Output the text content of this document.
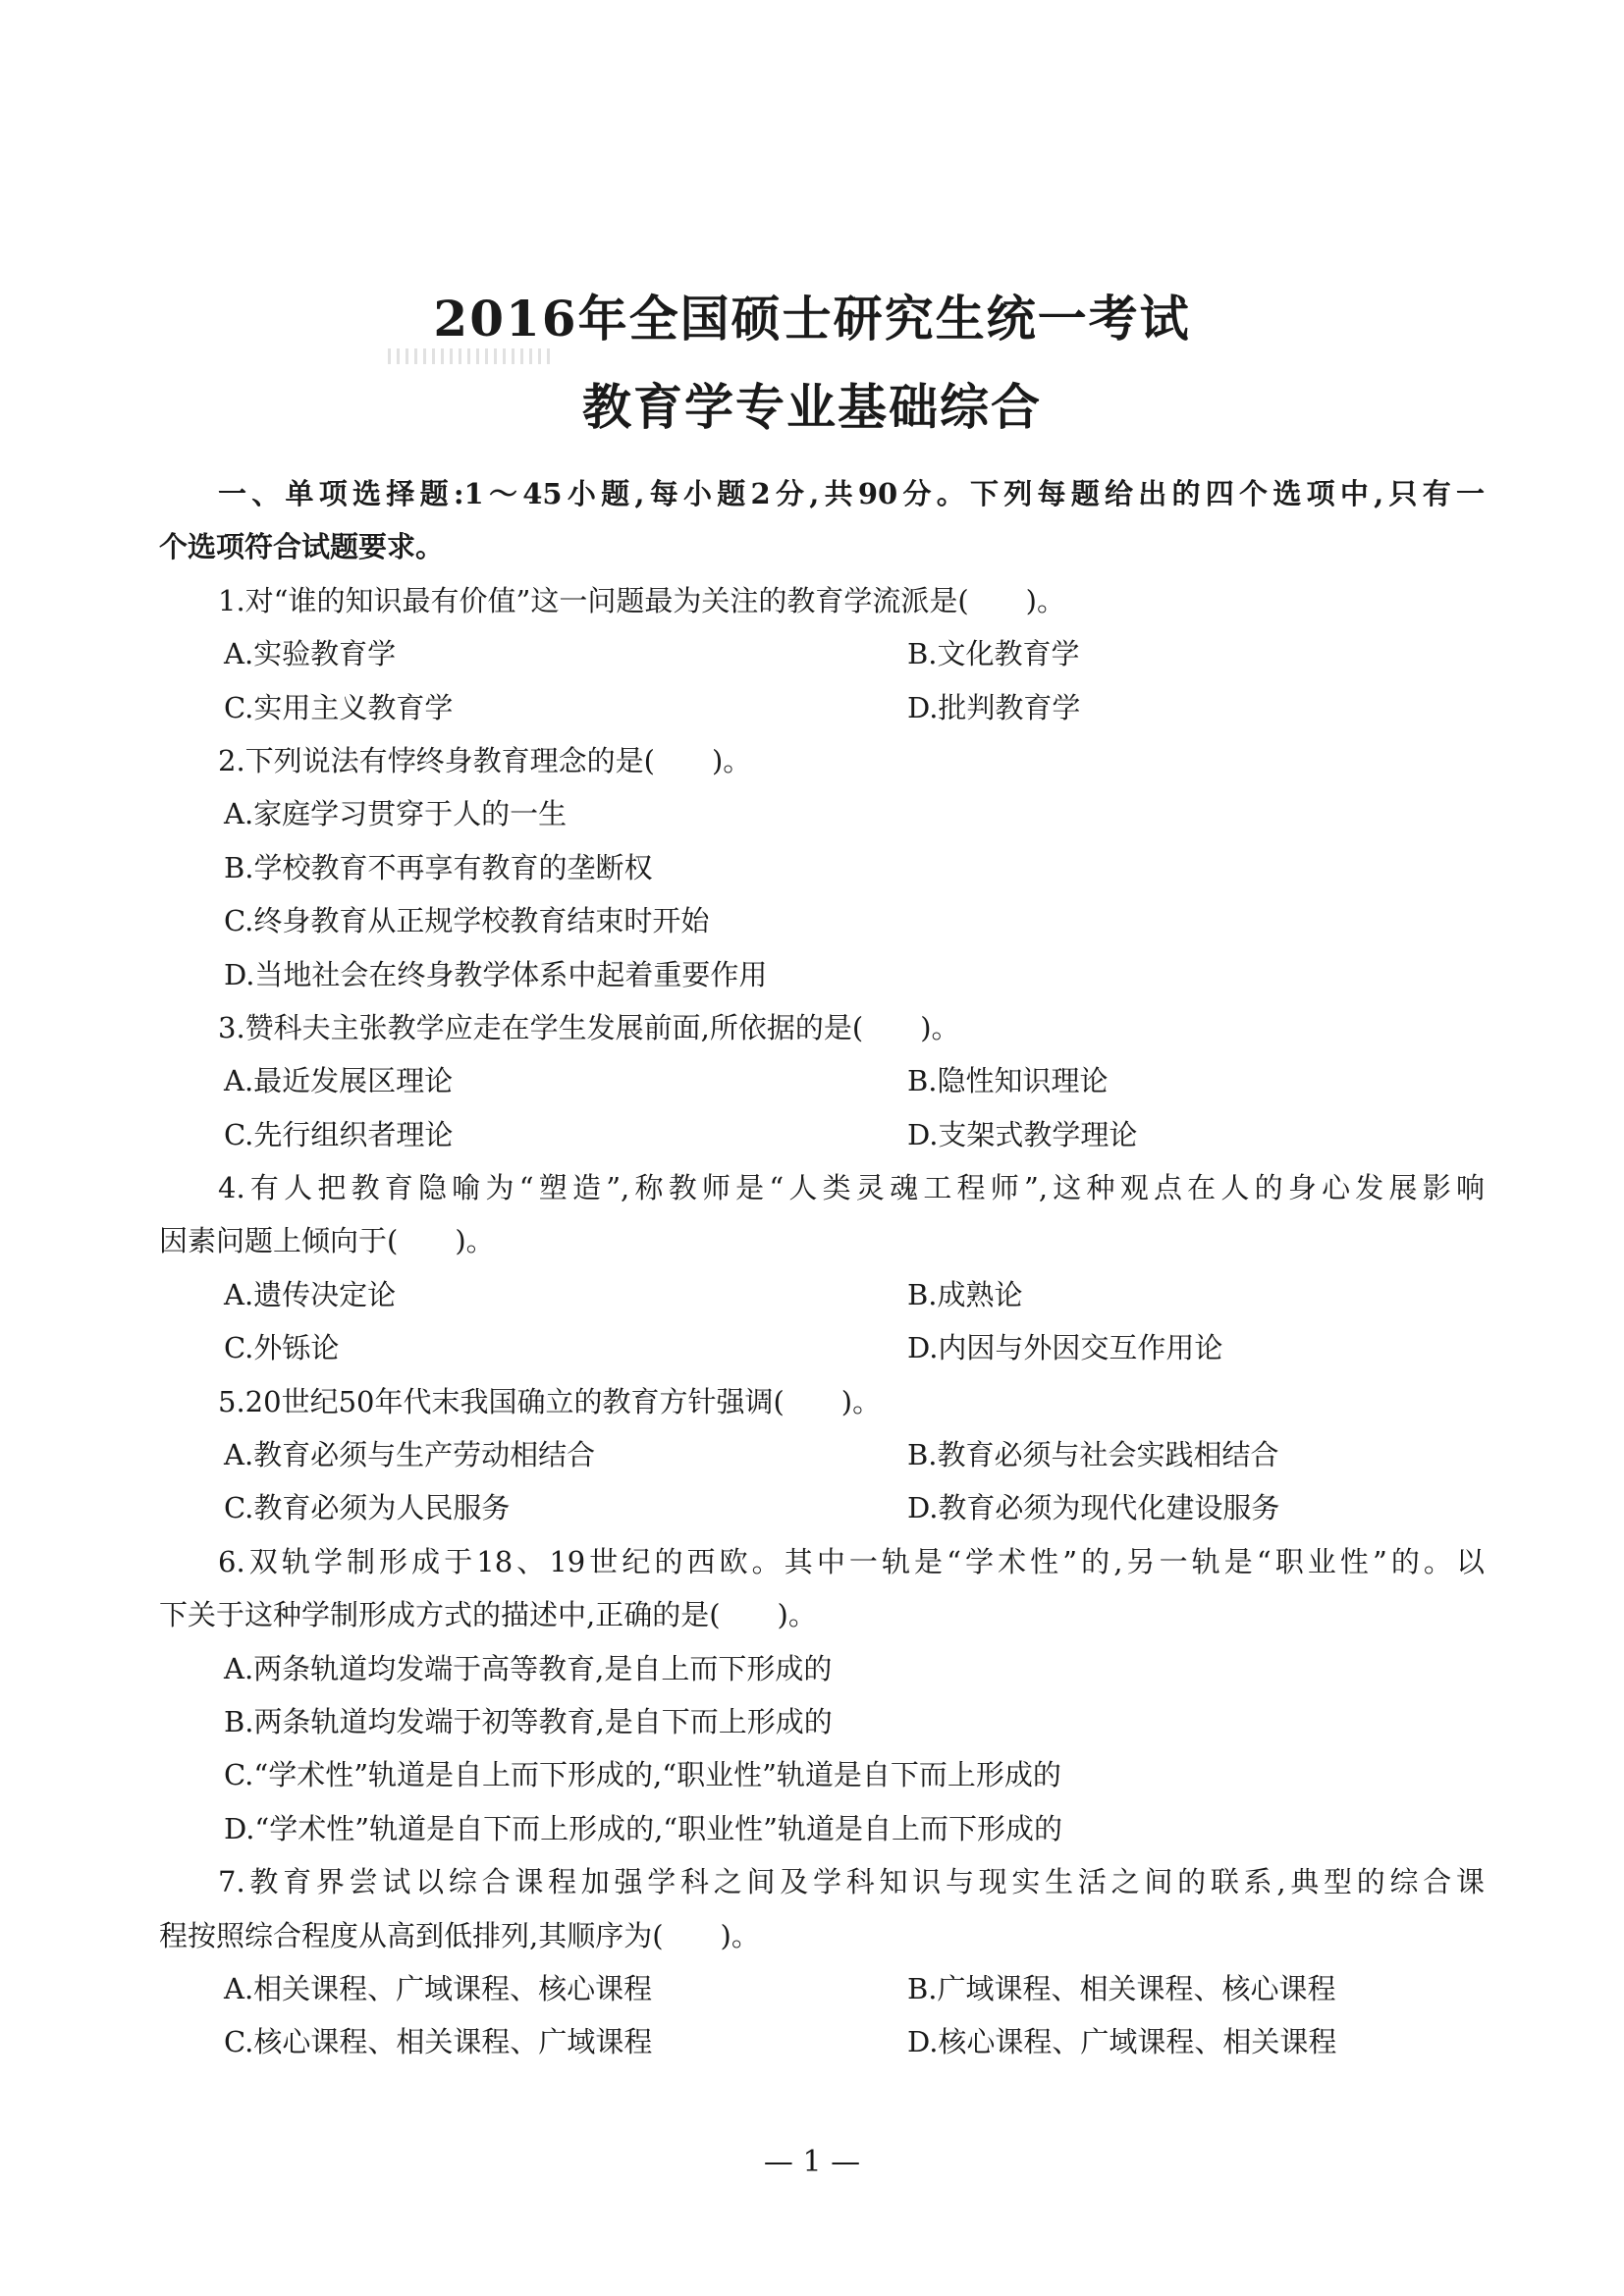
2016年全国硕士研究生统一考试
教育学专业基础综合
一、单项选择题:1～45小题,每小题2分,共90分。下列每题给出的四个选项中,只有一
个选项符合试题要求。
1.对“谁的知识最有价值”这一问题最为关注的教育学流派是(　　)。
A.实验教育学	B.文化教育学
C.实用主义教育学	D.批判教育学
2.下列说法有悖终身教育理念的是(　　)。
A.家庭学习贯穿于人的一生
B.学校教育不再享有教育的垄断权
C.终身教育从正规学校教育结束时开始
D.当地社会在终身教学体系中起着重要作用
3.赞科夫主张教学应走在学生发展前面,所依据的是(　　)。
A.最近发展区理论	B.隐性知识理论
C.先行组织者理论	D.支架式教学理论
4.有人把教育隐喻为“塑造”,称教师是“人类灵魂工程师”,这种观点在人的身心发展影响
因素问题上倾向于(　　)。
A.遗传决定论	B.成熟论
C.外铄论	D.内因与外因交互作用论
5.20世纪50年代末我国确立的教育方针强调(　　)。
A.教育必须与生产劳动相结合	B.教育必须与社会实践相结合
C.教育必须为人民服务	D.教育必须为现代化建设服务
6.双轨学制形成于18、19世纪的西欧。其中一轨是“学术性”的,另一轨是“职业性”的。以
下关于这种学制形成方式的描述中,正确的是(　　)。
A.两条轨道均发端于高等教育,是自上而下形成的
B.两条轨道均发端于初等教育,是自下而上形成的
C.“学术性”轨道是自上而下形成的,“职业性”轨道是自下而上形成的
D.“学术性”轨道是自下而上形成的,“职业性”轨道是自上而下形成的
7.教育界尝试以综合课程加强学科之间及学科知识与现实生活之间的联系,典型的综合课
程按照综合程度从高到低排列,其顺序为(　　)。
A.相关课程、广域课程、核心课程	B.广域课程、相关课程、核心课程
C.核心课程、相关课程、广域课程	D.核心课程、广域课程、相关课程
— 1 —
